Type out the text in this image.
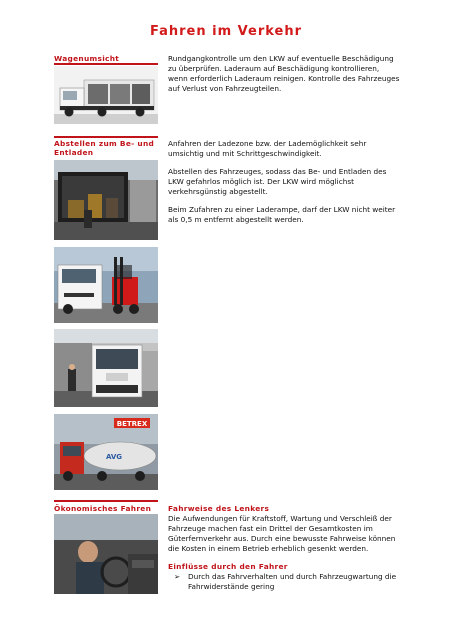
Fahren im Verkehr
Wagenumsicht	Rundgangkontrolle um den LKW auf eventuelle Beschädigung zu überprüfen. Laderaum auf Beschädigung kontrollieren, wenn erforderlich Laderaum reinigen. Kontrolle des Fahrzeuges auf Verlust von Fahrzeugteilen.

Abstellen zum Be- und Entladen

Anfahren der Ladezone bzw. der Lademöglichkeit sehr umsichtig und mit Schrittgeschwindigkeit.

Abstellen des Fahrzeuges, sodass das Be- und Entladen des LKW gefahrlos möglich ist. Der LKW wird möglichst verkehrsgünstig abgestellt.

Beim Zufahren zu einer Laderampe, darf der LKW nicht weiter als 0,5 m entfernt abgestellt werden.

BETREX
AVG
Ökonomisches Fahren Fahrweise des Lenkers

Die Aufwendungen für Kraftstoff, Wartung und Verschleiß der Fahrzeuge machen fast ein Drittel der Gesamtkosten im Güterfernverkehr aus. Durch eine bewusste Fahrweise können die Kosten in einem Betrieb erheblich gesenkt werden.

Einflüsse durch den Fahrer
➢	Durch das Fahrverhalten und durch Fahrzeugwartung die Fahrwiderstände gering
